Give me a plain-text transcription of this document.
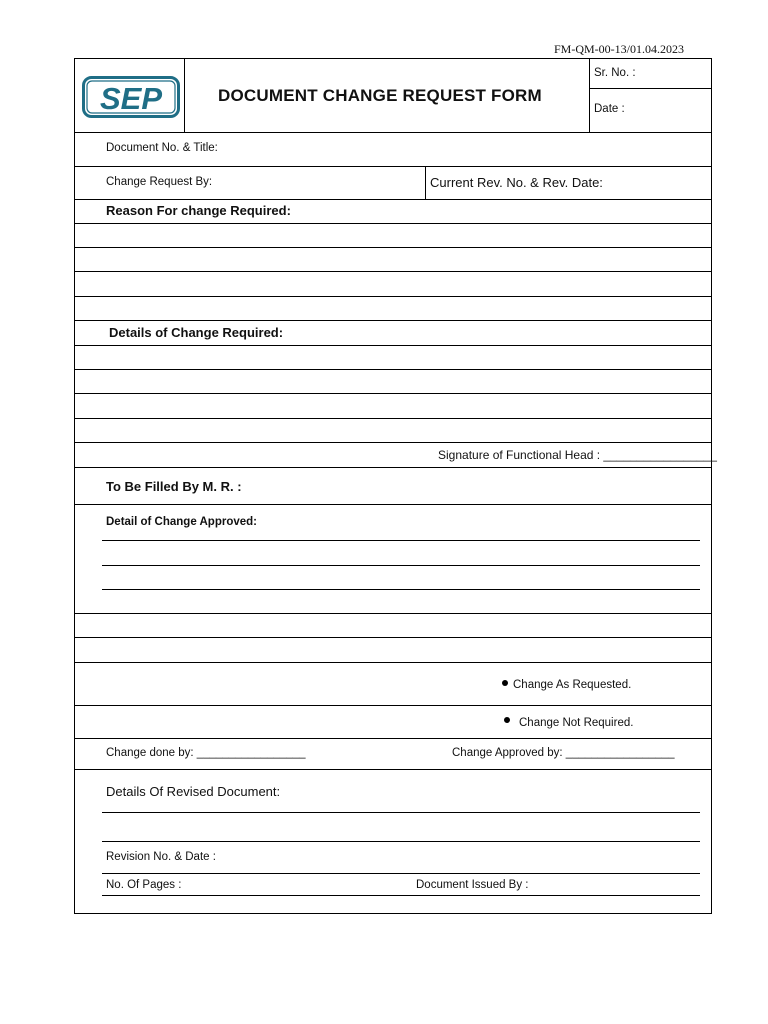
FM-QM-00-13/01.04.2023
SEP	DOCUMENT CHANGE REQUEST FORM
Sr. No. :
Date :
Document No. & Title:
Change Request By:	Current Rev. No. & Rev. Date:
Reason For change Required:
Details of Change Required:
Signature of Functional Head : _________________
To Be Filled By M. R. :
Detail of Change Approved:
Change As Requested.
Change Not Required.
Change done by: _________________	Change Approved by: _________________
Details Of Revised Document:
Revision No. & Date :
No. Of Pages :	Document Issued By :
